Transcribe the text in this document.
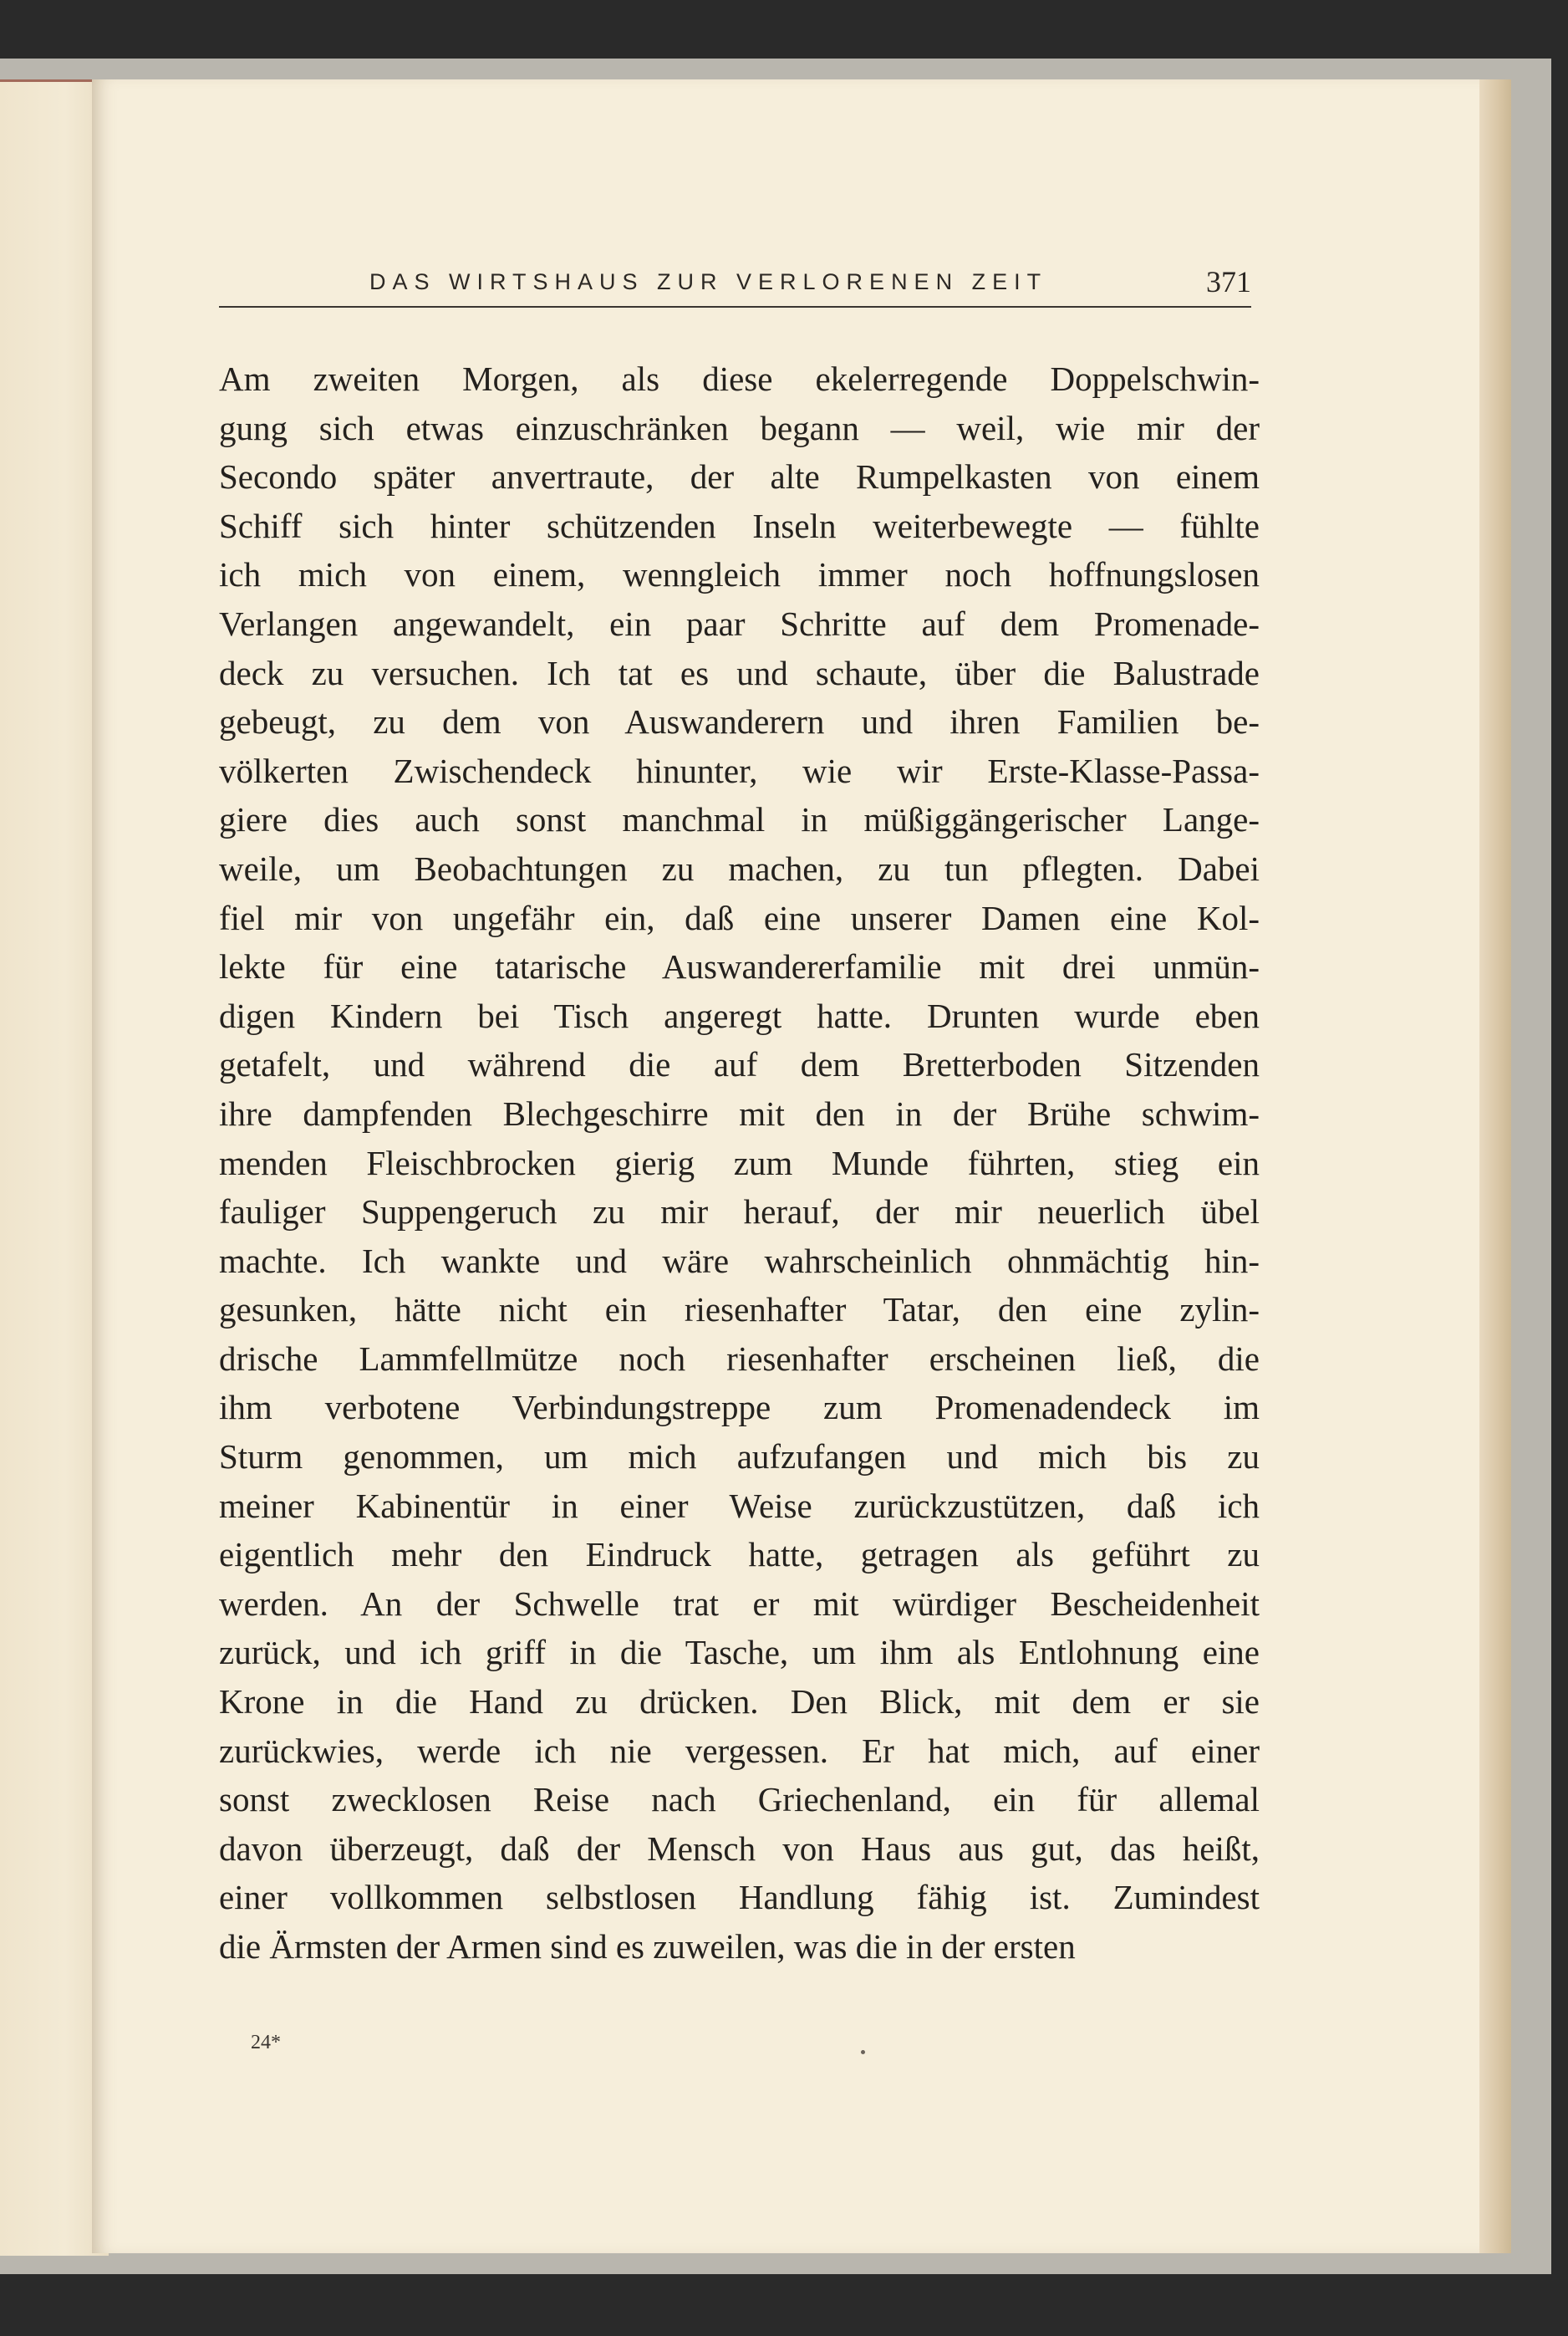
DAS WIRTSHAUS ZUR VERLORENEN ZEIT	371
Am zweiten Morgen, als diese ekelerregende Doppelschwin-
gung sich etwas einzuschränken begann — weil, wie mir der
Secondo später anvertraute, der alte Rumpelkasten von einem
Schiff sich hinter schützenden Inseln weiterbewegte — fühlte
ich mich von einem, wenngleich immer noch hoffnungslosen
Verlangen angewandelt, ein paar Schritte auf dem Promenade-
deck zu versuchen. Ich tat es und schaute, über die Balustrade
gebeugt, zu dem von Auswanderern und ihren Familien be-
völkerten Zwischendeck hinunter, wie wir Erste-Klasse-Passa-
giere dies auch sonst manchmal in müßiggängerischer Lange-
weile, um Beobachtungen zu machen, zu tun pflegten. Dabei
fiel mir von ungefähr ein, daß eine unserer Damen eine Kol-
lekte für eine tatarische Auswandererfamilie mit drei unmün-
digen Kindern bei Tisch angeregt hatte. Drunten wurde eben
getafelt, und während die auf dem Bretterboden Sitzenden
ihre dampfenden Blechgeschirre mit den in der Brühe schwim-
menden Fleischbrocken gierig zum Munde führten, stieg ein
fauliger Suppengeruch zu mir herauf, der mir neuerlich übel
machte. Ich wankte und wäre wahrscheinlich ohnmächtig hin-
gesunken, hätte nicht ein riesenhafter Tatar, den eine zylin-
drische Lammfellmütze noch riesenhafter erscheinen ließ, die
ihm verbotene Verbindungstreppe zum Promenadendeck im
Sturm genommen, um mich aufzufangen und mich bis zu
meiner Kabinentür in einer Weise zurückzustützen, daß ich
eigentlich mehr den Eindruck hatte, getragen als geführt zu
werden. An der Schwelle trat er mit würdiger Bescheidenheit
zurück, und ich griff in die Tasche, um ihm als Entlohnung eine
Krone in die Hand zu drücken. Den Blick, mit dem er sie
zurückwies, werde ich nie vergessen. Er hat mich, auf einer
sonst zwecklosen Reise nach Griechenland, ein für allemal
davon überzeugt, daß der Mensch von Haus aus gut, das heißt,
einer vollkommen selbstlosen Handlung fähig ist. Zumindest
die Ärmsten der Armen sind es zuweilen, was die in der ersten
24*
